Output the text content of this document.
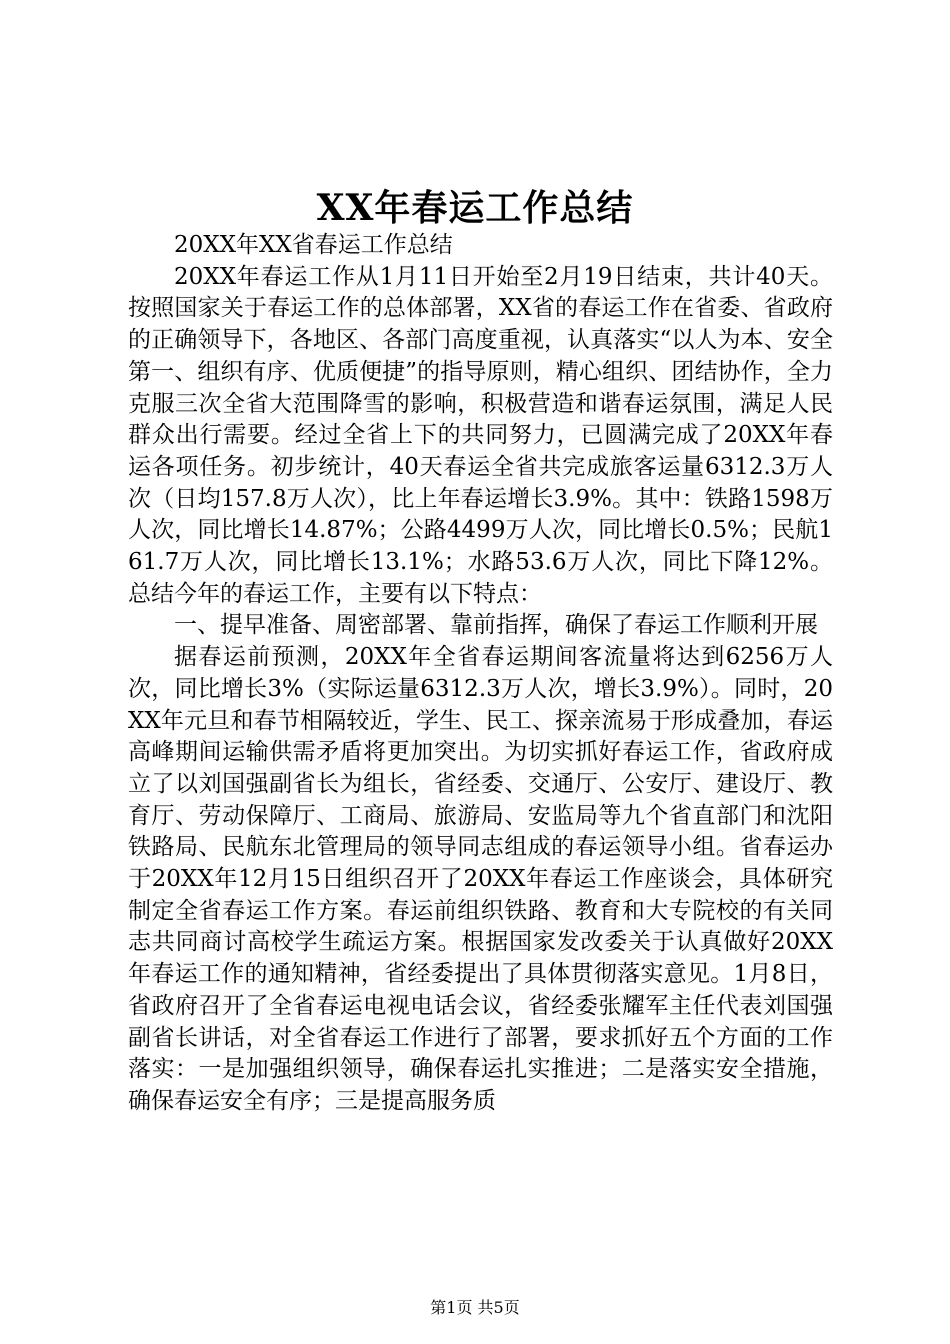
XX年春运工作总结

20XX年XX省春运工作总结

20XX年春运工作从1月11日开始至2月19日结束，共计40天。按照国家关于春运工作的总体部署，XX省的春运工作在省委、省政府的正确领导下，各地区、各部门高度重视，认真落实“以人为本、安全第一、组织有序、优质便捷”的指导原则，精心组织、团结协作，全力克服三次全省大范围降雪的影响，积极营造和谐春运氛围，满足人民群众出行需要。经过全省上下的共同努力，已圆满完成了20XX年春运各项任务。初步统计，40天春运全省共完成旅客运量6312.3万人次（日均157.8万人次），比上年春运增长3.9%。其中：铁路1598万人次，同比增长14.87%；公路4499万人次，同比增长0.5%；民航161.7万人次，同比增长13.1%；水路53.6万人次，同比下降12%。总结今年的春运工作，主要有以下特点：

一、提早准备、周密部署、靠前指挥，确保了春运工作顺利开展

据春运前预测，20XX年全省春运期间客流量将达到6256万人次，同比增长3%（实际运量6312.3万人次，增长3.9%）。同时，20XX年元旦和春节相隔较近，学生、民工、探亲流易于形成叠加，春运高峰期间运输供需矛盾将更加突出。为切实抓好春运工作，省政府成立了以刘国强副省长为组长，省经委、交通厅、公安厅、建设厅、教育厅、劳动保障厅、工商局、旅游局、安监局等九个省直部门和沈阳铁路局、民航东北管理局的领导同志组成的春运领导小组。省春运办于20XX年12月15日组织召开了20XX年春运工作座谈会，具体研究制定全省春运工作方案。春运前组织铁路、教育和大专院校的有关同志共同商讨高校学生疏运方案。根据国家发改委关于认真做好20XX年春运工作的通知精神，省经委提出了具体贯彻落实意见。1月8日，省政府召开了全省春运电视电话会议，省经委张耀军主任代表刘国强副省长讲话，对全省春运工作进行了部署，要求抓好五个方面的工作落实：一是加强组织领导，确保春运扎实推进；二是落实安全措施，确保春运安全有序；三是提高服务质

第1页 共5页
